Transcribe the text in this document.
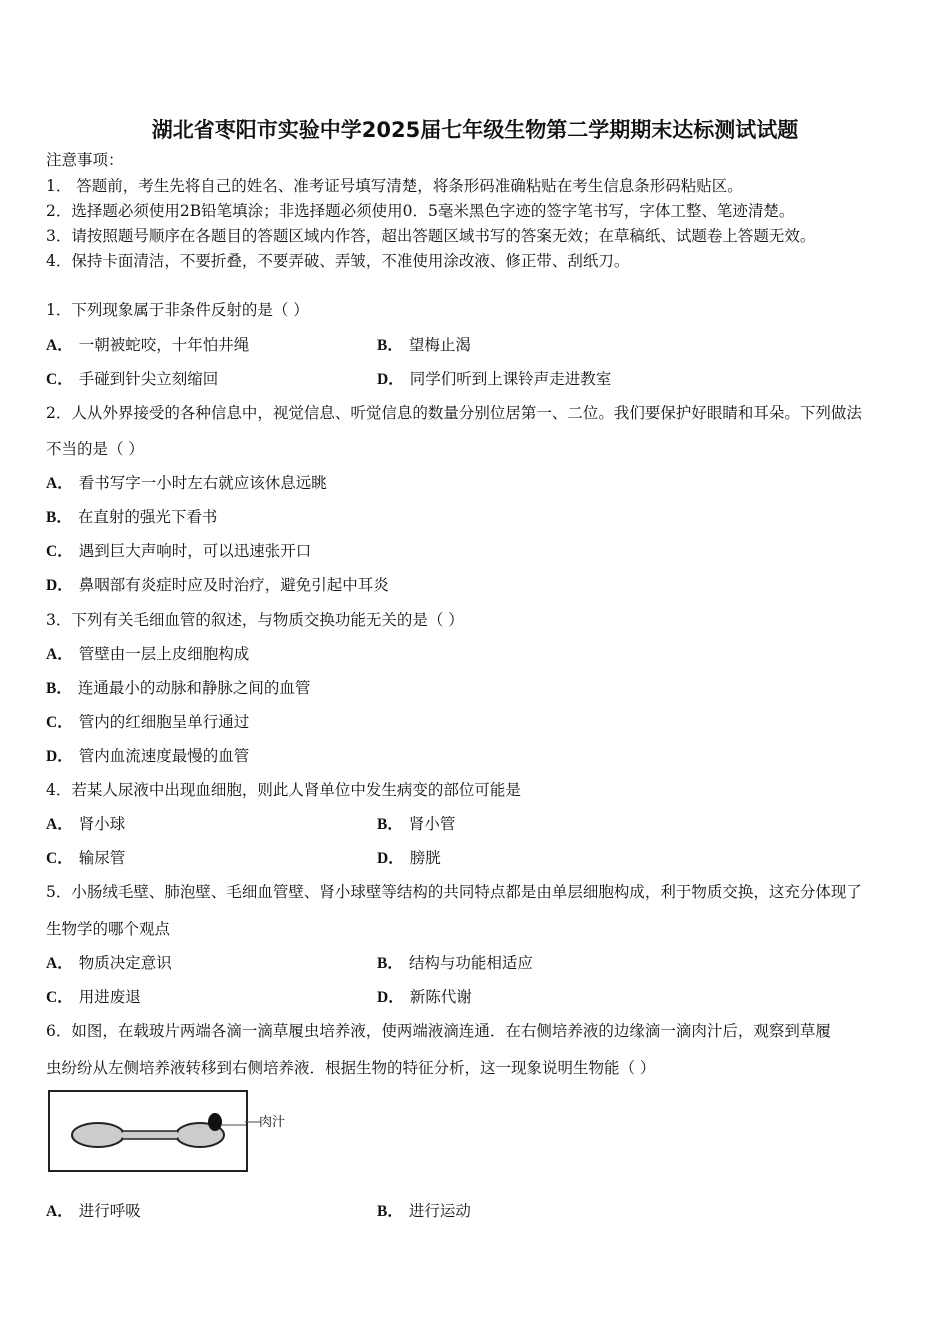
湖北省枣阳市实验中学2025届七年级生物第二学期期末达标测试试题
注意事项：
1． 答题前，考生先将自己的姓名、准考证号填写清楚，将条形码准确粘贴在考生信息条形码粘贴区。
2．选择题必须使用2B铅笔填涂；非选择题必须使用0．5毫米黑色字迹的签字笔书写，字体工整、笔迹清楚。
3．请按照题号顺序在各题目的答题区域内作答，超出答题区域书写的答案无效；在草稿纸、试题卷上答题无效。
4．保持卡面清洁，不要折叠，不要弄破、弄皱，不准使用涂改液、修正带、刮纸刀。
1．下列现象属于非条件反射的是（ ）
A． 一朝被蛇咬，十年怕井绳	B． 望梅止渴
C． 手碰到针尖立刻缩回	D． 同学们听到上课铃声走进教室
2．人从外界接受的各种信息中，视觉信息、听觉信息的数量分别位居第一、二位。我们要保护好眼睛和耳朵。下列做法
不当的是（ ）
A． 看书写字一小时左右就应该休息远眺
B． 在直射的强光下看书
C． 遇到巨大声响时，可以迅速张开口
D． 鼻咽部有炎症时应及时治疗，避免引起中耳炎
3．下列有关毛细血管的叙述，与物质交换功能无关的是（ ）
A． 管壁由一层上皮细胞构成
B． 连通最小的动脉和静脉之间的血管
C． 管内的红细胞呈单行通过
D． 管内血流速度最慢的血管
4．若某人尿液中出现血细胞，则此人肾单位中发生病变的部位可能是
A． 肾小球	B． 肾小管
C． 输尿管	D． 膀胱
5．小肠绒毛壁、肺泡壁、毛细血管壁、肾小球壁等结构的共同特点都是由单层细胞构成，利于物质交换，这充分体现了
生物学的哪个观点
A． 物质决定意识	B． 结构与功能相适应
C． 用进废退	D． 新陈代谢
6．如图，在载玻片两端各滴一滴草履虫培养液，使两端液滴连通．在右侧培养液的边缘滴一滴肉汁后，观察到草履
虫纷纷从左侧培养液转移到右侧培养液．根据生物的特征分析，这一现象说明生物能（ ）
肉汁
A． 进行呼吸	B． 进行运动
